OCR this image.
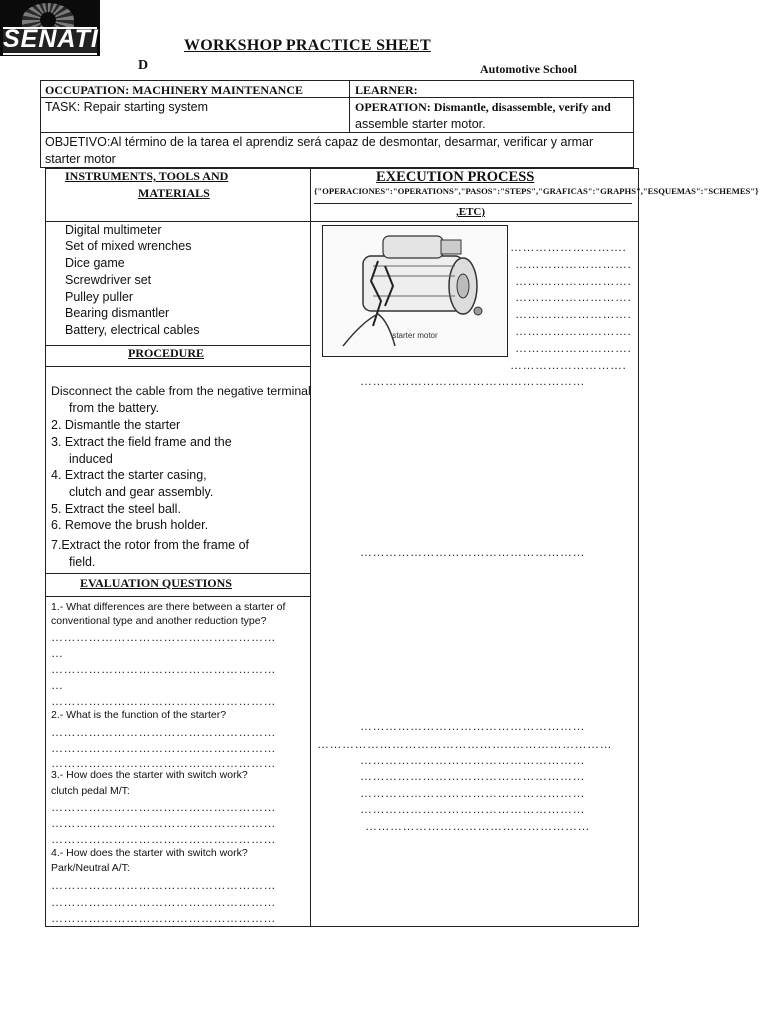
SENATI
D
WORKSHOP PRACTICE SHEET
Automotive School
OCCUPATION: MACHINERY MAINTENANCE	LEARNER:
TASK: Repair starting system	OPERATION: Dismantle, disassemble, verify and
assemble starter motor.
OBJETIVO:Al término de la tarea el aprendiz será capaz de desmontar, desarmar, verificar y armar
starter motor
INSTRUMENTS, TOOLS AND
MATERIALS
EXECUTION PROCESS
{"OPERACIONES":"OPERATIONS","PASOS":"STEPS","GRAFICAS":"GRAPHS","ESQUEMAS":"SCHEMES"}
,ETC)
Digital multimeter
Set of mixed wrenches
Dice game
Screwdriver set
Pulley puller
Bearing dismantler
Battery, electrical cables	starter motor
……………………….
……………………….
……………………….
……………………….
……………………….
……………………….
……………………….
……………………….
………………………………………………
PROCEDURE
Disconnect the cable from the negative terminal
from the battery.
2. Dismantle the starter
3. Extract the field frame and the
induced
4. Extract the starter casing,
clutch and gear assembly.
5. Extract the steel ball.
6. Remove the brush holder.
7.Extract the rotor from the frame of
field.
………………………………………………
EVALUATION QUESTIONS
1.- What differences are there between a starter of
conventional type and another reduction type?
………………………………………………
…
………………………………………………
…
………………………………………………
2.- What is the function of the starter?
………………………………………………
………………………………………………
………………………………………………
3.- How does the starter with switch work?
clutch pedal M/T:
………………………………………………
………………………………………………
………………………………………………
4.- How does the starter with switch work?
Park/Neutral A/T:
………………………………………………
………………………………………………
………………………………………………
………………………………………………
………………………………………..……………………
………………………………………………
………………………………………………
………………………………………………
………………………………………………
………………………………………………
